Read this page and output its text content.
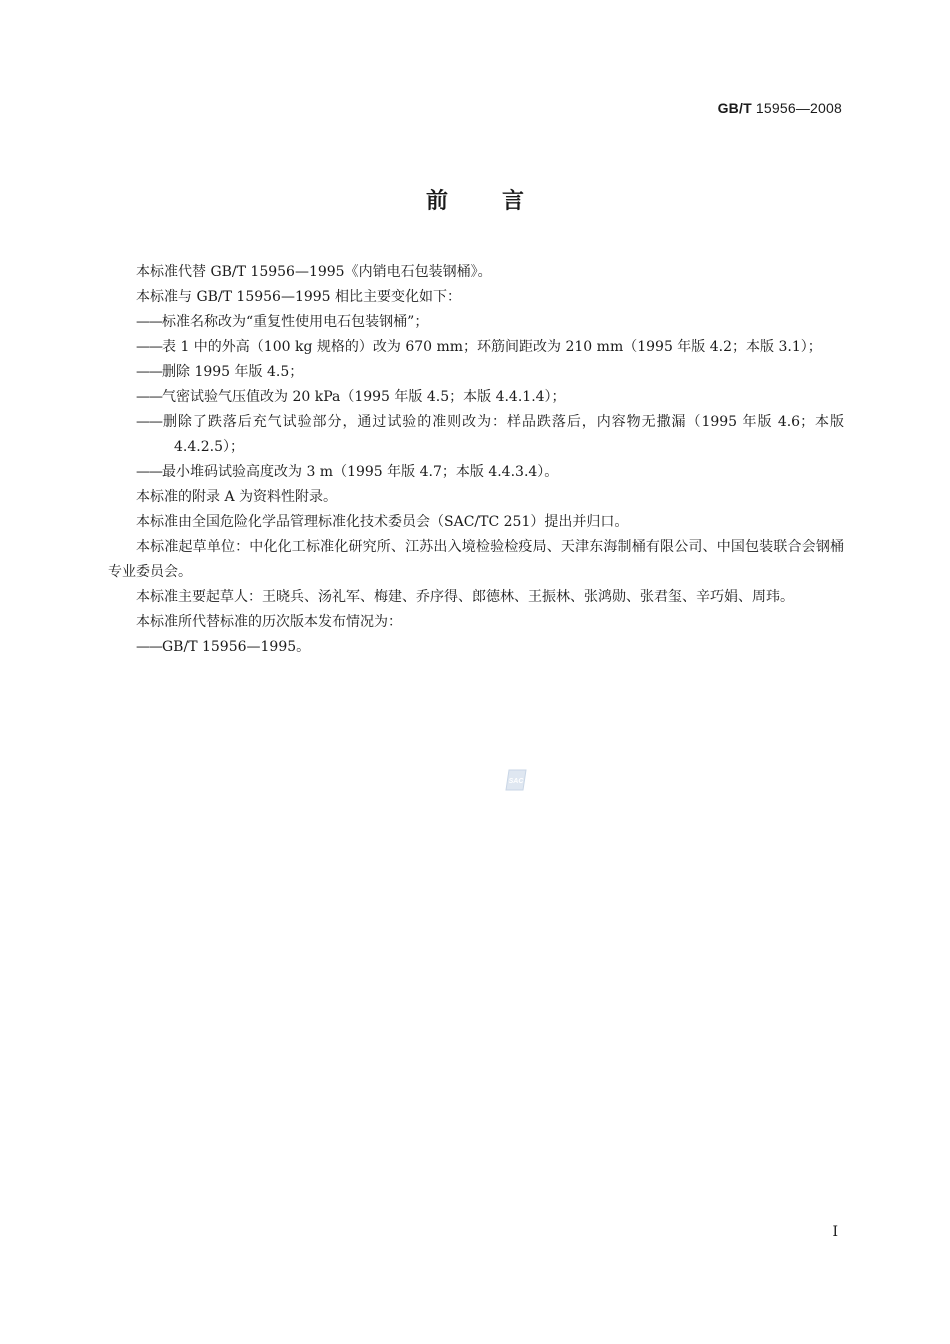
GB/T 15956—2008
前言

本标准代替 GB/T 15956—1995《内销电石包装钢桶》。

本标准与 GB/T 15956—1995 相比主要变化如下：

——标准名称改为“重复性使用电石包装钢桶”；

——表 1 中的外高（100 kg 规格的）改为 670 mm；环筋间距改为 210 mm（1995 年版 4.2；本版 3.1）；

——删除 1995 年版 4.5；

——气密试验气压值改为 20 kPa（1995 年版 4.5；本版 4.4.1.4）；

——删除了跌落后充气试验部分，通过试验的准则改为：样品跌落后，内容物无撒漏（1995 年版 4.6；本版 4.4.2.5）；

——最小堆码试验高度改为 3 m（1995 年版 4.7；本版 4.4.3.4）。

本标准的附录 A 为资料性附录。

本标准由全国危险化学品管理标准化技术委员会（SAC/TC 251）提出并归口。

本标准起草单位：中化化工标准化研究所、江苏出入境检验检疫局、天津东海制桶有限公司、中国包装联合会钢桶专业委员会。

本标准主要起草人：王晓兵、汤礼军、梅建、乔序得、郎德林、王振林、张鸿勋、张君玺、辛巧娟、周玮。

本标准所代替标准的历次版本发布情况为：

——GB/T 15956—1995。

SAC
I
